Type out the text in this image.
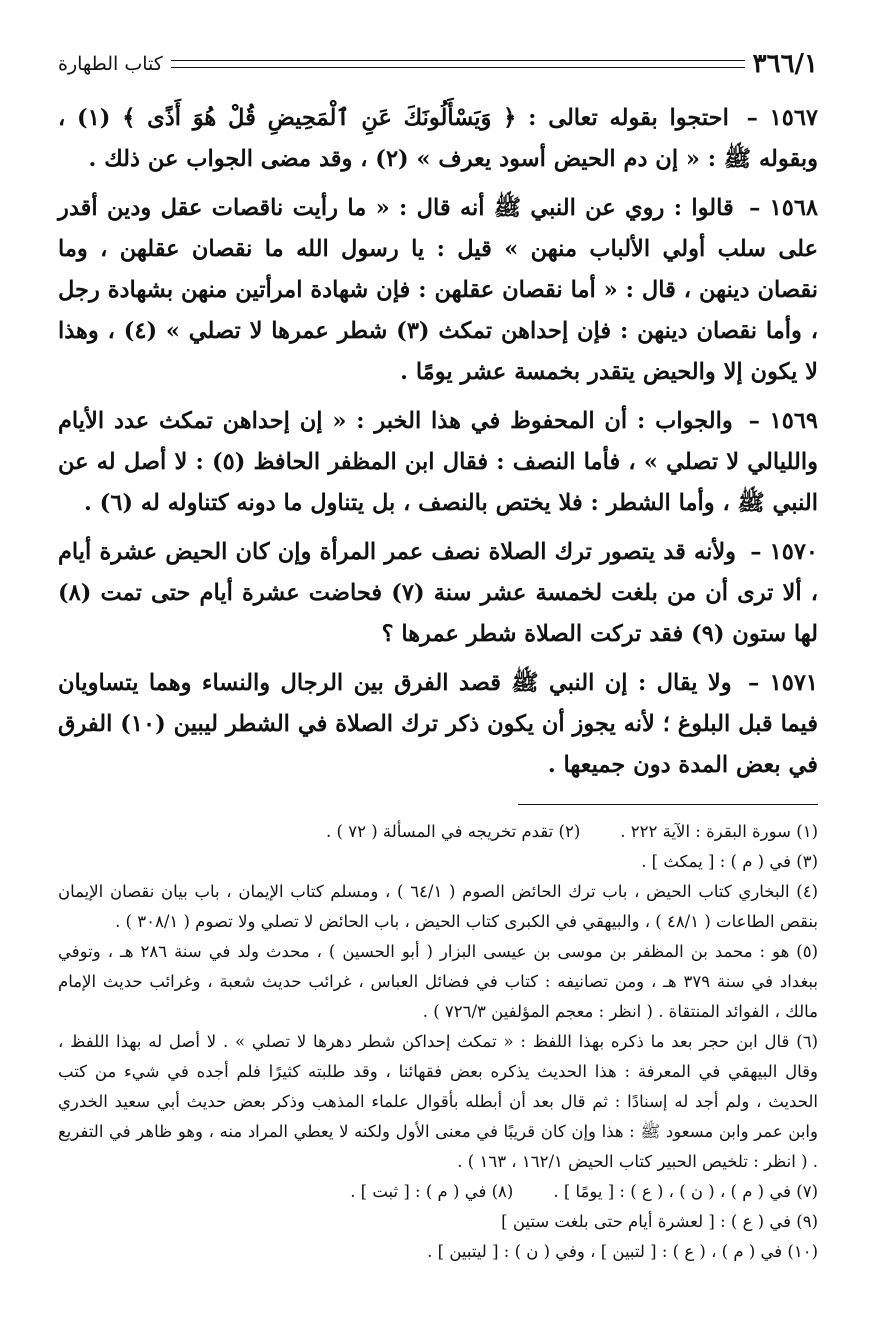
٣٦٦/١
كتاب الطهارة

١٥٦٧ – احتجوا بقوله تعالى : ﴿ وَيَسْأَلُونَكَ عَنِ ٱلْمَحِيضِ قُلْ هُوَ أَذًى ﴾ (١) ، وبقوله ﷺ : « إن دم الحيض أسود يعرف » (٢) ، وقد مضى الجواب عن ذلك .

١٥٦٨ – قالوا : روي عن النبي ﷺ أنه قال : « ما رأيت ناقصات عقل ودين أقدر على سلب أولي الألباب منهن » قيل : يا رسول الله ما نقصان عقلهن ، وما نقصان دينهن ، قال : « أما نقصان عقلهن : فإن شهادة امرأتين منهن بشهادة رجل ، وأما نقصان دينهن : فإن إحداهن تمكث (٣) شطر عمرها لا تصلي » (٤) ، وهذا لا يكون إلا والحيض يتقدر بخمسة عشر يومًا .

١٥٦٩ – والجواب : أن المحفوظ في هذا الخبر : « إن إحداهن تمكث عدد الأيام والليالي لا تصلي » ، فأما النصف : فقال ابن المظفر الحافظ (٥) : لا أصل له عن النبي ﷺ ، وأما الشطر : فلا يختص بالنصف ، بل يتناول ما دونه كتناوله له (٦) .

١٥٧٠ – ولأنه قد يتصور ترك الصلاة نصف عمر المرأة وإن كان الحيض عشرة أيام ، ألا ترى أن من بلغت لخمسة عشر سنة (٧) فحاضت عشرة أيام حتى تمت (٨) لها ستون (٩) فقد تركت الصلاة شطر عمرها ؟

١٥٧١ – ولا يقال : إن النبي ﷺ قصد الفرق بين الرجال والنساء وهما يتساويان فيما قبل البلوغ ؛ لأنه يجوز أن يكون ذكر ترك الصلاة في الشطر ليبين (١٠) الفرق في بعض المدة دون جميعها .

(١) سورة البقرة : الآية ٢٢٢ .

(٢) تقدم تخريجه في المسألة ( ٧٢ ) .

(٣) في ( م ) : [ يمكث ] .

(٤) البخاري كتاب الحيض ، باب ترك الحائض الصوم ( ٦٤/١ ) ، ومسلم كتاب الإيمان ، باب بيان نقصان الإيمان بنقص الطاعات ( ٤٨/١ ) ، والبيهقي في الكبرى كتاب الحيض ، باب الحائض لا تصلي ولا تصوم ( ٣٠٨/١ ) .

(٥) هو : محمد بن المظفر بن موسى بن عيسى البزار ( أبو الحسين ) ، محدث ولد في سنة ٢٨٦ هـ ، وتوفي ببغداد في سنة ٣٧٩ هـ ، ومن تصانيفه : كتاب في فضائل العباس ، غرائب حديث شعبة ، وغرائب حديث الإمام مالك ، الفوائد المنتقاة . ( انظر : معجم المؤلفين ٧٢٦/٣ ) .

(٦) قال ابن حجر بعد ما ذكره بهذا اللفظ : « تمكث إحداكن شطر دهرها لا تصلي » . لا أصل له بهذا اللفظ ، وقال البيهقي في المعرفة : هذا الحديث يذكره بعض فقهائنا ، وقد طلبته كثيرًا فلم أجده في شيء من كتب الحديث ، ولم أجد له إسنادًا : ثم قال بعد أن أبطله بأقوال علماء المذهب وذكر بعض حديث أبي سعيد الخدري وابن عمر وابن مسعود ﷺ : هذا وإن كان قريبًا في معنى الأول ولكنه لا يعطي المراد منه ، وهو ظاهر في التفريع . ( انظر : تلخيص الحبير كتاب الحيض ١٦٢/١ ، ١٦٣ ) .

(٧) في ( م ) ، ( ن ) ، ( ع ) : [ يومًا ] .

(٨) في ( م ) : [ ثبت ] .

(٩) في ( ع ) : [ لعشرة أيام حتى بلغت ستين ]

(١٠) في ( م ) ، ( ع ) : [ لتبين ] ، وفي ( ن ) : [ ليتبين ] .
